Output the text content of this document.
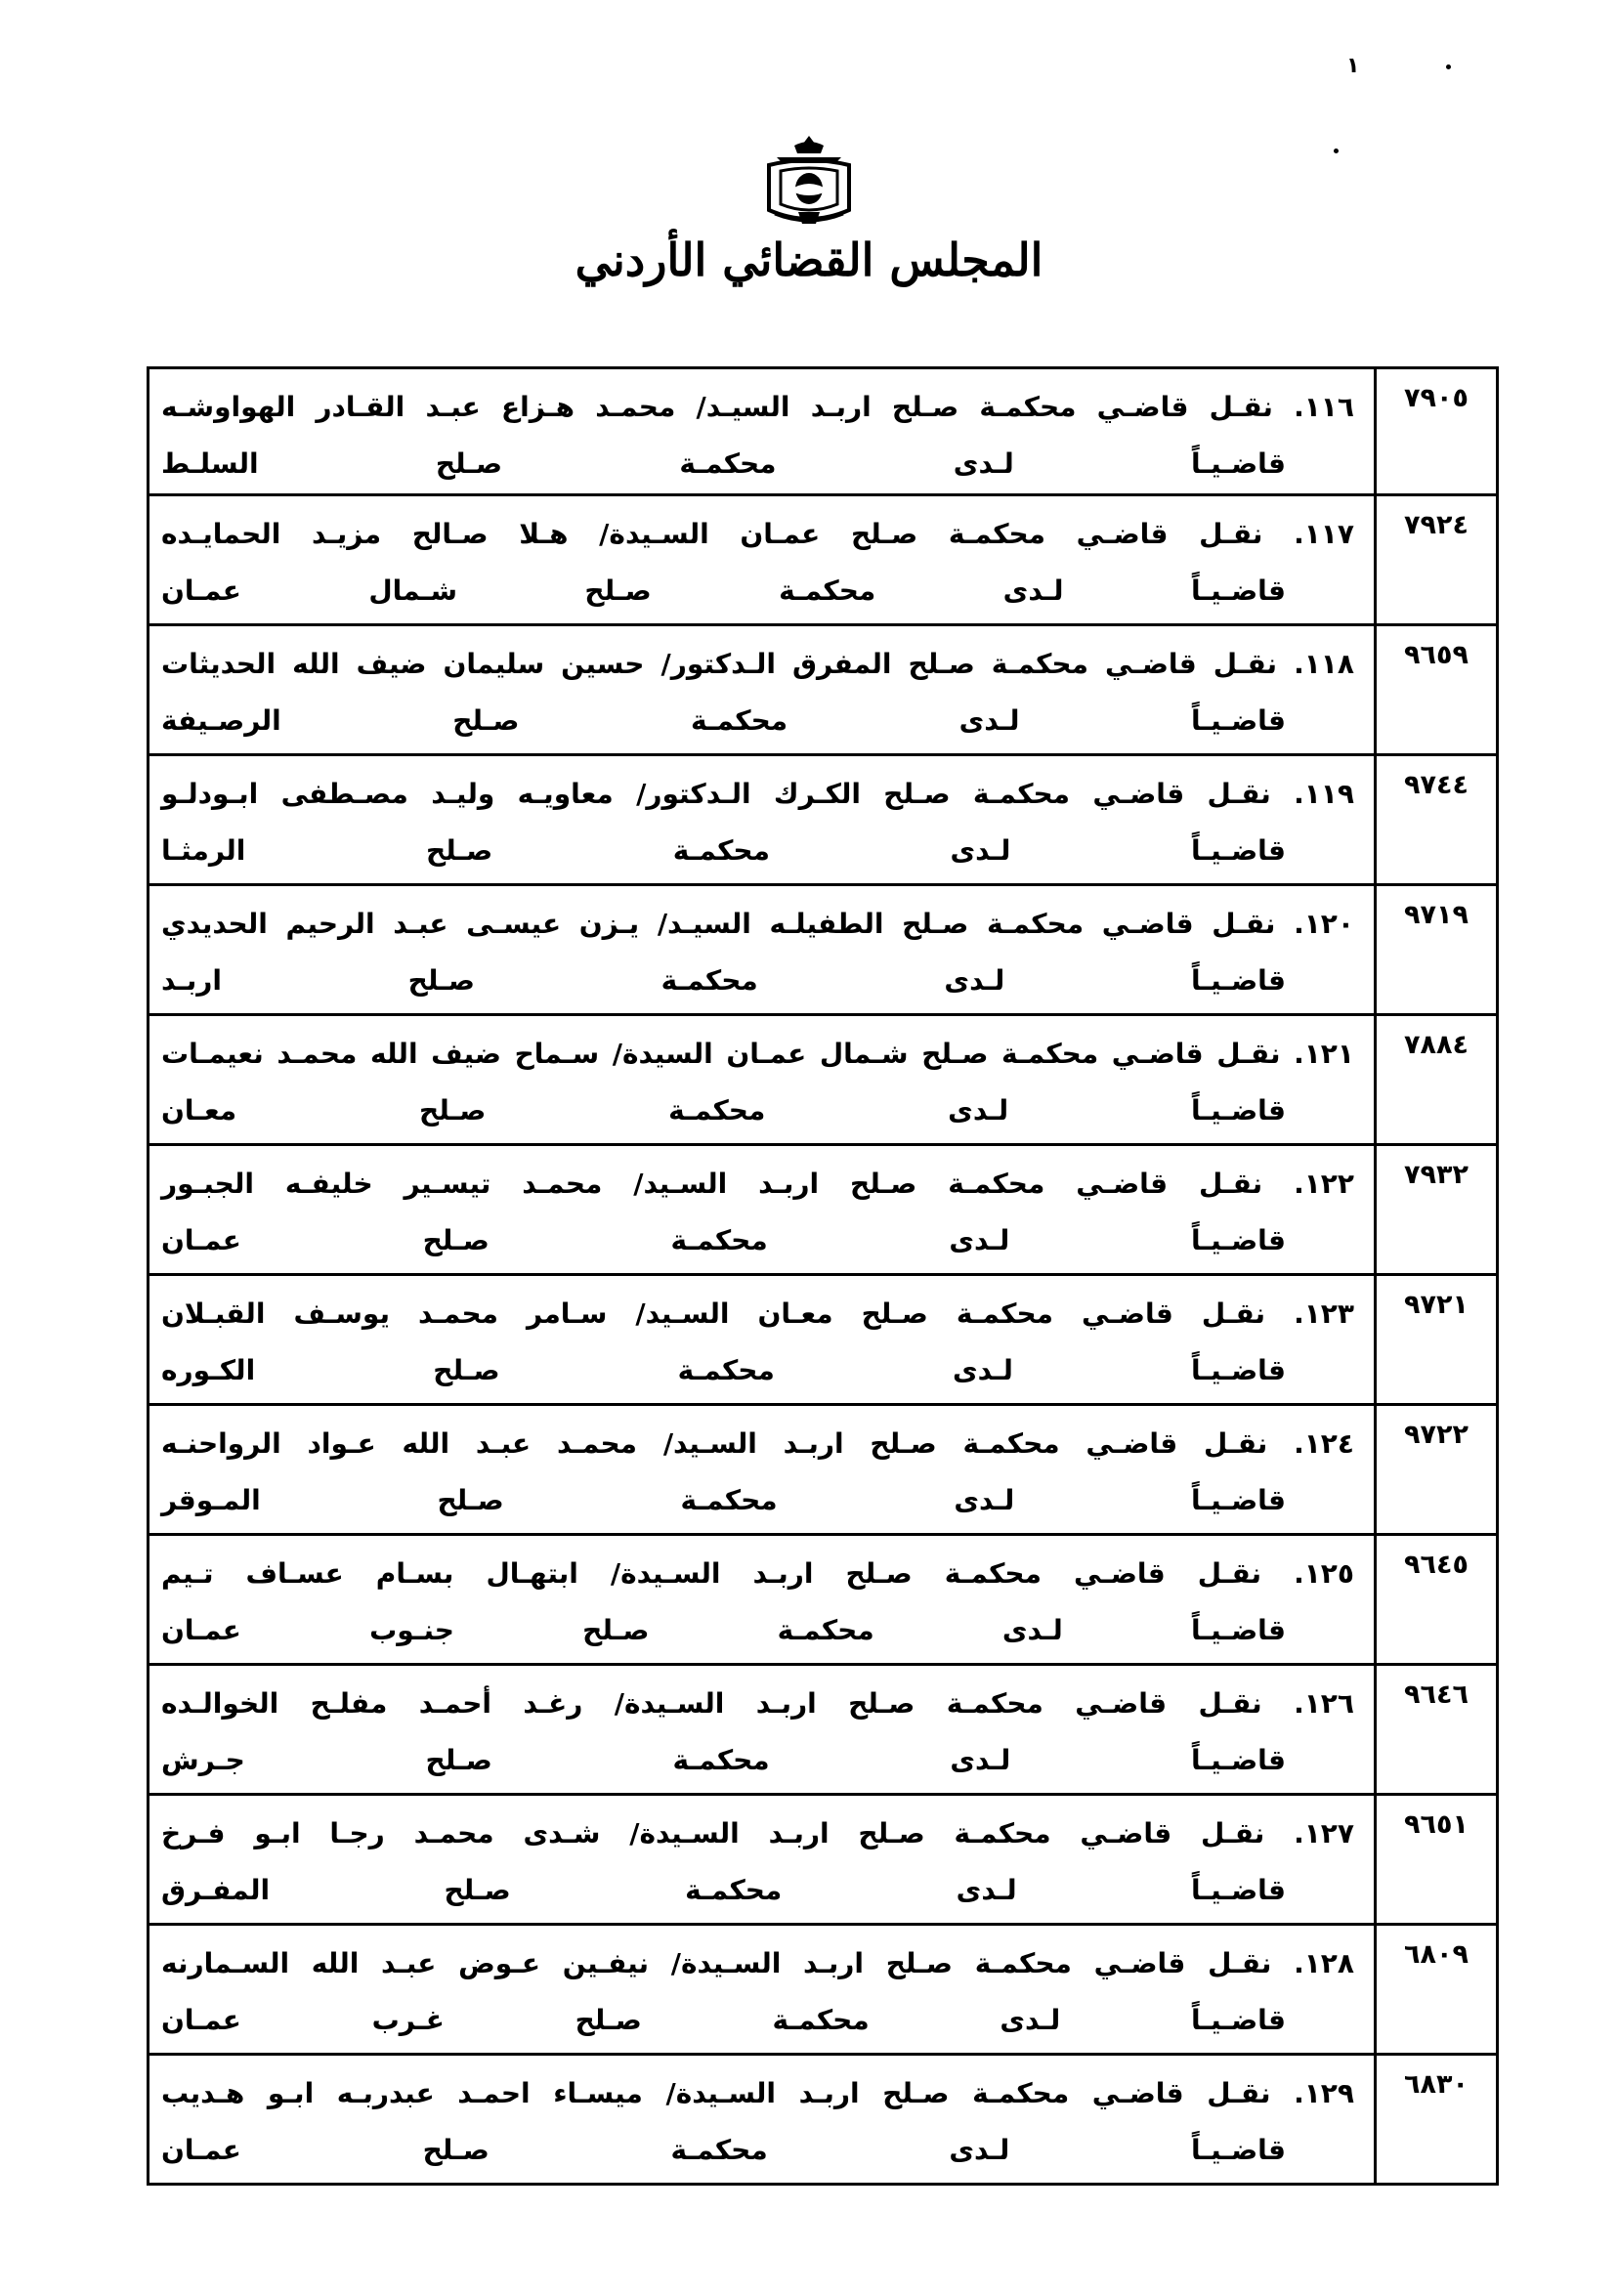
١
المجلس القضائي الأردني
٧٩٠٥
١١٦. نقـل قاضـي محكمـة صـلح اربـد السيـد/ محمـد هـزاع عبـد القـادر الهواوشـه
قاضـيـاً لـدى محكمـة صـلح السلـط
٧٩٢٤
١١٧. نقـل قاضـي محكمـة صـلح عمـان السـيدة/ هـلا صـالح مزيـد الحمايـده
قاضـيـاً لـدى محكمـة صـلح شـمال عمـان
٩٦٥٩
١١٨. نقـل قاضـي محكمـة صـلح المفرق الـدكتور/ حسين سليمان ضيف الله الحديثات
قاضـيـاً لـدى محكمـة صـلح الرصـيفة
٩٧٤٤
١١٩. نقـل قاضـي محكمـة صـلح الكـرك الـدكتور/ معاويـه وليـد مصـطفى ابـودلـو
قاضـيـاً لـدى محكمـة صـلح الرمثـا
٩٧١٩
١٢٠. نقـل قاضـي محكمـة صـلح الطفيلـه السيـد/ يـزن عيسـى عبـد الرحيم الحديدي
قاضـيـاً لـدى محكمـة صـلح اربـد
٧٨٨٤
١٢١. نقـل قاضـي محكمـة صـلح شـمال عمـان السيدة/ سـماح ضيف الله محمـد نعيمـات
قاضـيـاً لـدى محكمـة صـلح معـان
٧٩٣٢
١٢٢. نقـل قاضـي محكمـة صـلح اربـد السـيد/ محمـد تيسـير خليفـه الجبـور
قاضـيـاً لـدى محكمـة صـلح عمـان
٩٧٢١
١٢٣. نقـل قاضـي محكمـة صـلح معـان السـيد/ سـامر محمـد يوسـف القبـلان
قاضـيـاً لـدى محكمـة صـلح الكـوره
٩٧٢٢
١٢٤. نقـل قاضـي محكمـة صـلح اربـد السـيد/ محمـد عبـد الله عـواد الرواحنـه
قاضـيـاً لـدى محكمـة صـلح المـوقر
٩٦٤٥
١٢٥. نقـل قاضـي محكمـة صـلح اربـد السـيدة/ ابتهـال بسـام عسـاف تـيم
قاضـيـاً لـدى محكمـة صـلح جنـوب عمـان
٩٦٤٦
١٢٦. نقـل قاضـي محكمـة صـلح اربـد السـيدة/ رغـد أحمـد مفلـح الخوالـده
قاضـيـاً لـدى محكمـة صـلح جـرش
٩٦٥١
١٢٧. نقـل قاضـي محكمـة صـلح اربـد السـيدة/ شـدى محمـد رجـا ابـو فـرخ
قاضـيـاً لـدى محكمـة صـلح المفـرق
٦٨٠٩
١٢٨. نقـل قاضـي محكمـة صـلح اربـد السـيدة/ نيفـين عـوض عبـد الله السـمارنه
قاضـيـاً لـدى محكمـة صـلح غـرب عمـان
٦٨٣٠
١٢٩. نقـل قاضـي محكمـة صـلح اربـد السـيدة/ ميسـاء احمـد عبدربـه ابـو هـديب
قاضـيـاً لـدى محكمـة صـلح عمـان
